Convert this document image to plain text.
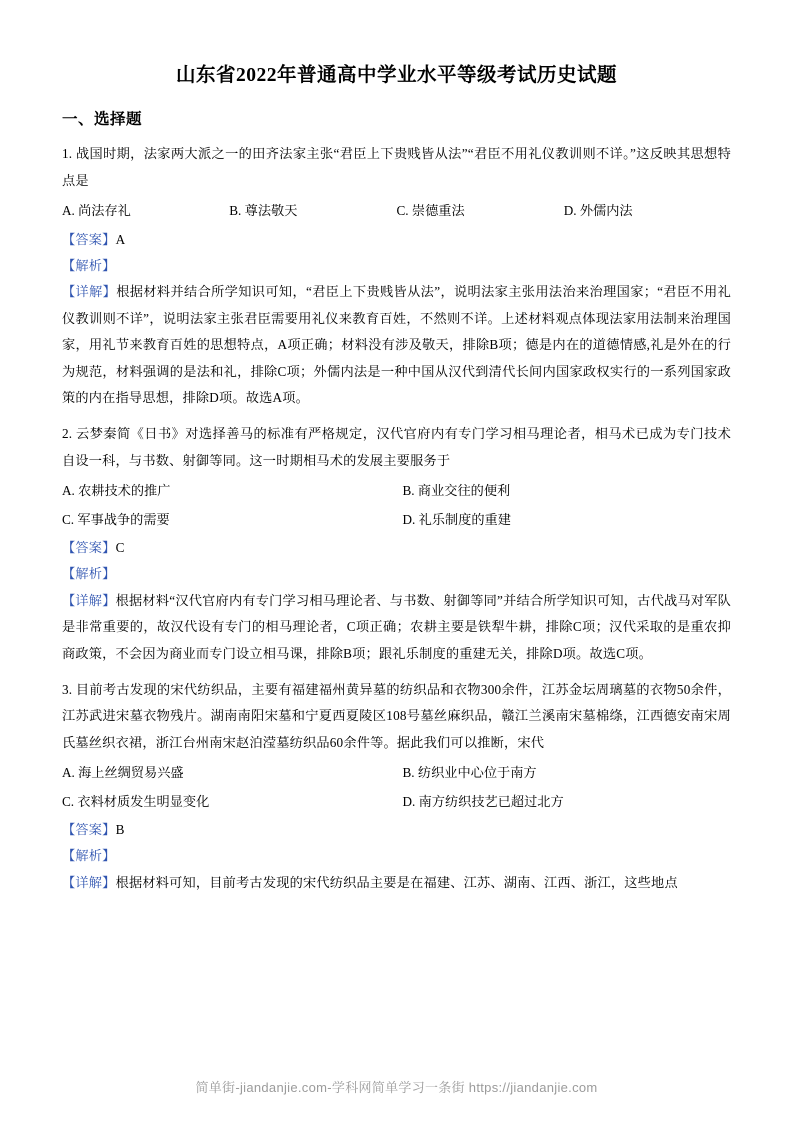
山东省2022年普通高中学业水平等级考试历史试题
一、选择题
1. 战国时期，法家两大派之一的田齐法家主张“君臣上下贵贱皆从法”“君臣不用礼仪教训则不详。”这反映其思想特点是
A. 尚法存礼	B. 尊法敬天	C. 崇德重法	D. 外儒内法
【答案】A
【解析】
【详解】根据材料并结合所学知识可知，“君臣上下贵贱皆从法”，说明法家主张用法治来治理国家；“君臣不用礼仪教训则不详”，说明法家主张君臣需要用礼仪来教育百姓，不然则不详。上述材料观点体现法家用法制来治理国家，用礼节来教育百姓的思想特点，A项正确；材料没有涉及敬天，排除B项；德是内在的道德情感,礼是外在的行为规范，材料强调的是法和礼，排除C项；外儒内法是一种中国从汉代到清代长间内国家政权实行的一系列国家政策的内在指导思想，排除D项。故选A项。
2. 云梦秦简《日书》对选择善马的标准有严格规定，汉代官府内有专门学习相马理论者，相马术已成为专门技术自设一科，与书数、射御等同。这一时期相马术的发展主要服务于
A. 农耕技术的推广	B. 商业交往的便利
C. 军事战争的需要	D. 礼乐制度的重建
【答案】C
【解析】
【详解】根据材料“汉代官府内有专门学习相马理论者、与书数、射御等同”并结合所学知识可知，古代战马对军队是非常重要的，故汉代设有专门的相马理论者，C项正确；农耕主要是铁犁牛耕，排除C项；汉代采取的是重农抑商政策，不会因为商业而专门设立相马课，排除B项；跟礼乐制度的重建无关，排除D项。故选C项。
3. 目前考古发现的宋代纺织品，主要有福建福州黄异墓的纺织品和衣物300余件，江苏金坛周璃墓的衣物50余件，江苏武进宋墓衣物残片。湖南南阳宋墓和宁夏西夏陵区108号墓丝麻织品，赣江兰溪南宋墓棉绦，江西德安南宋周氏墓丝织衣裙，浙江台州南宋赵泊滢墓纺织品60余件等。据此我们可以推断，宋代
A. 海上丝绸贸易兴盛	B. 纺织业中心位于南方
C. 衣料材质发生明显变化	D. 南方纺织技艺已超过北方
【答案】B
【解析】
【详解】根据材料可知，目前考古发现的宋代纺织品主要是在福建、江苏、湖南、江西、浙江，这些地点
简单街-jiandanjie.com-学科网简单学习一条街 https://jiandanjie.com
